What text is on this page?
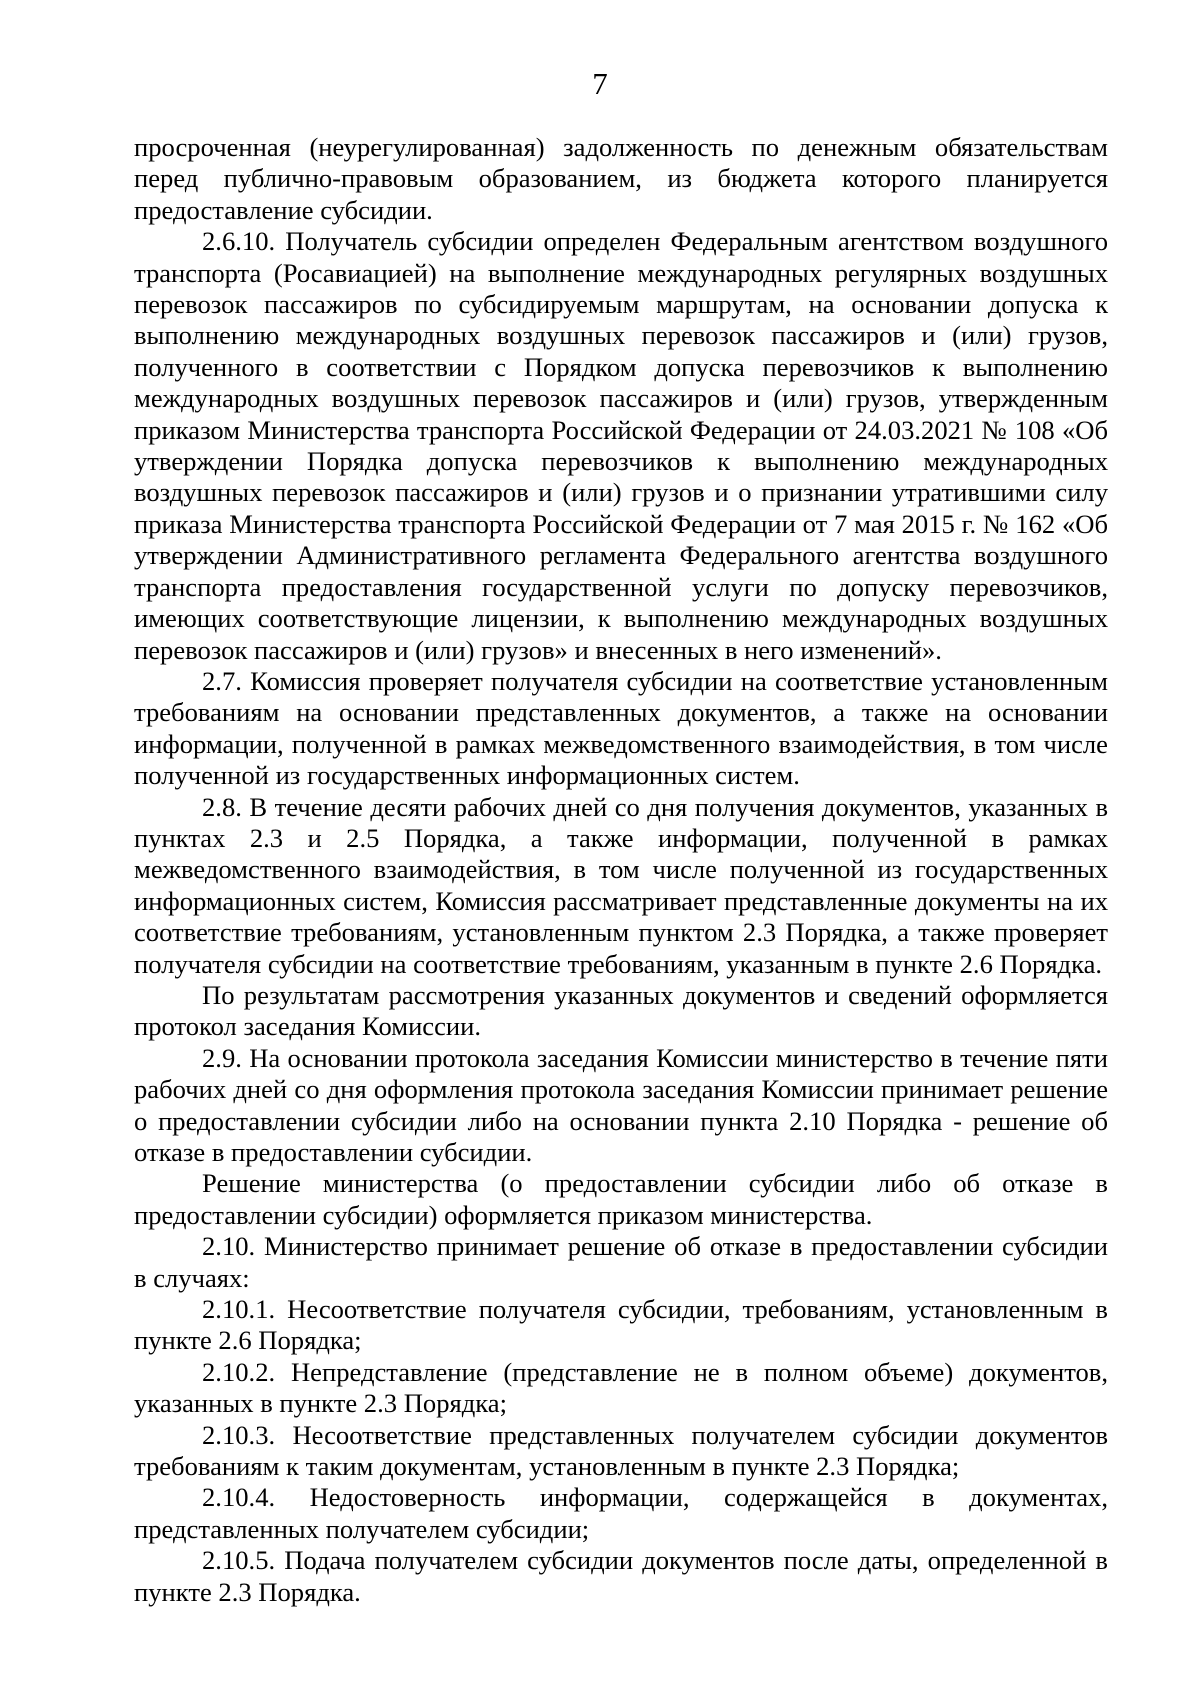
7

просроченная (неурегулированная) задолженность по денежным обязательствам перед публично-правовым образованием, из бюджета которого планируется предоставление субсидии.

2.6.10. Получатель субсидии определен Федеральным агентством воздушного транспорта (Росавиацией) на выполнение международных регулярных воздушных перевозок пассажиров по субсидируемым маршрутам, на основании допуска к выполнению международных воздушных перевозок пассажиров и (или) грузов, полученного в соответствии с Порядком допуска перевозчиков к выполнению международных воздушных перевозок пассажиров и (или) грузов, утвержденным приказом Министерства транспорта Российской Федерации от 24.03.2021 № 108 «Об утверждении Порядка допуска перевозчиков к выполнению международных воздушных перевозок пассажиров и (или) грузов и о признании утратившими силу приказа Министерства транспорта Российской Федерации от 7 мая 2015 г. № 162 «Об утверждении Административного регламента Федерального агентства воздушного транспорта предоставления государственной услуги по допуску перевозчиков, имеющих соответствующие лицензии, к выполнению международных воздушных перевозок пассажиров и (или) грузов» и внесенных в него изменений».

2.7. Комиссия проверяет получателя субсидии на соответствие установленным требованиям на основании представленных документов, а также на основании информации, полученной в рамках межведомственного взаимодействия, в том числе полученной из государственных информационных систем.

2.8. В течение десяти рабочих дней со дня получения документов, указанных в пунктах 2.3 и 2.5 Порядка, а также информации, полученной в рамках межведомственного взаимодействия, в том числе полученной из государственных информационных систем, Комиссия рассматривает представленные документы на их соответствие требованиям, установленным пунктом 2.3 Порядка, а также проверяет получателя субсидии на соответствие требованиям, указанным в пункте 2.6 Порядка.

По результатам рассмотрения указанных документов и сведений оформляется протокол заседания Комиссии.

2.9. На основании протокола заседания Комиссии министерство в течение пяти рабочих дней со дня оформления протокола заседания Комиссии принимает решение о предоставлении субсидии либо на основании пункта 2.10 Порядка - решение об отказе в предоставлении субсидии.

Решение министерства (о предоставлении субсидии либо об отказе в предоставлении субсидии) оформляется приказом министерства.

2.10. Министерство принимает решение об отказе в предоставлении субсидии в случаях:

2.10.1. Несоответствие получателя субсидии, требованиям, установленным в пункте 2.6 Порядка;

2.10.2. Непредставление (представление не в полном объеме) документов, указанных в пункте 2.3 Порядка;

2.10.3. Несоответствие представленных получателем субсидии документов требованиям к таким документам, установленным в пункте 2.3 Порядка;

2.10.4. Недостоверность информации, содержащейся в документах, представленных получателем субсидии;

2.10.5. Подача получателем субсидии документов после даты, определенной в пункте 2.3 Порядка.
